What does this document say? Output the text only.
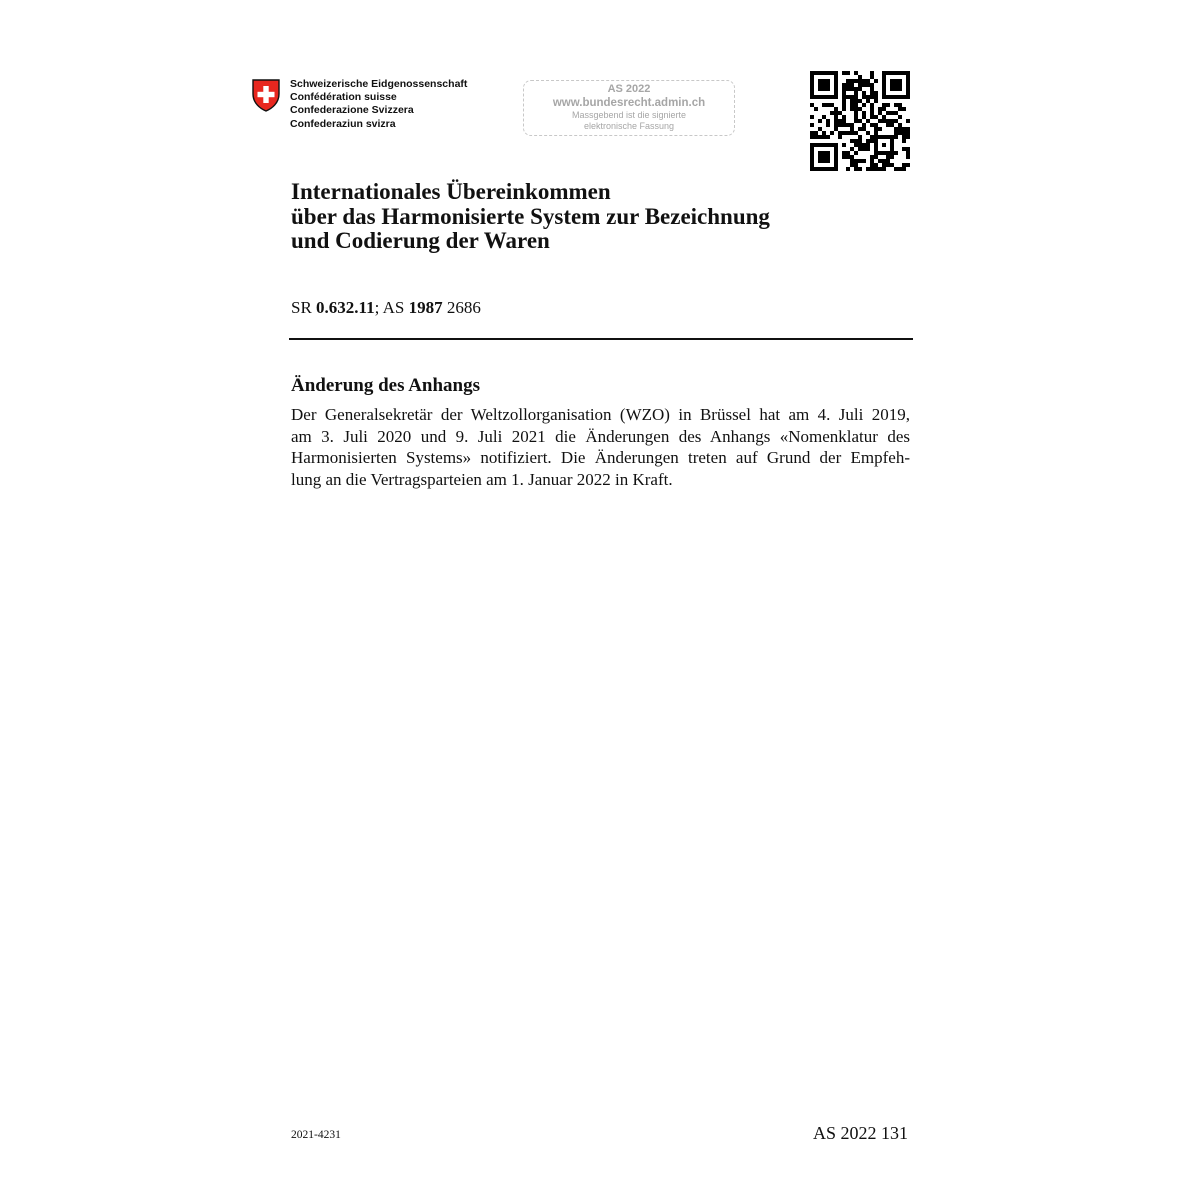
Schweizerische Eidgenossenschaft
Confédération suisse
Confederazione Svizzera
Confederaziun svizra
AS 2022
www.bundesrecht.admin.ch
Massgebend ist die signierte
elektronische Fassung
Internationales Übereinkommen
über das Harmonisierte System zur Bezeichnung
und Codierung der Waren
SR 0.632.11; AS 1987 2686
Änderung des Anhangs
Der Generalsekretär der Weltzollorganisation (WZO) in Brüssel hat am 4. Juli 2019,
am 3. Juli 2020 und 9. Juli 2021 die Änderungen des Anhangs «Nomenklatur des
Harmonisierten Systems» notifiziert. Die Änderungen treten auf Grund der Empfeh-
lung an die Vertragsparteien am 1. Januar 2022 in Kraft.
2021-4231	AS 2022 131
